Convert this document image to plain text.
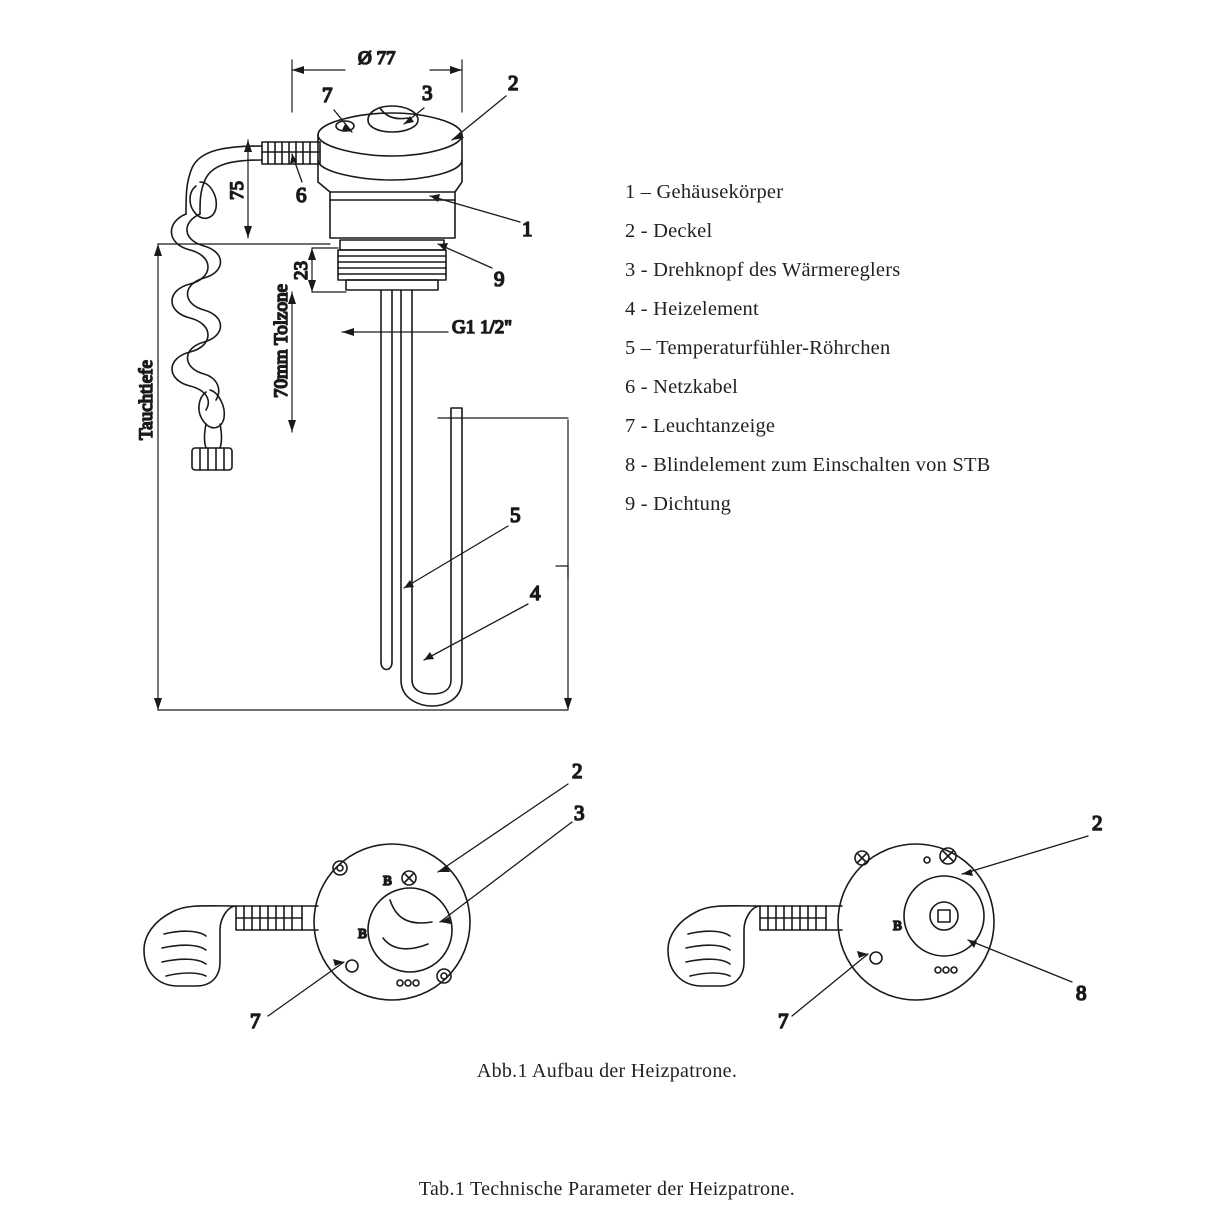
Ø 77
75
23
70mm Tolzone
Tauchtiefe
G1 1/2"
7	3	2
1
6
9
5
4
в
в
2
3
7
в
2
7
8
1 – Gehäusekörper
2 - Deckel
3 - Drehknopf des Wärmereglers
4 - Heizelement
5 – Temperaturfühler-Röhrchen
6 - Netzkabel
7 - Leuchtanzeige
8 - Blindelement zum Einschalten von STB
9 - Dichtung
Abb.1 Aufbau der Heizpatrone.
Tab.1 Technische Parameter der Heizpatrone.
